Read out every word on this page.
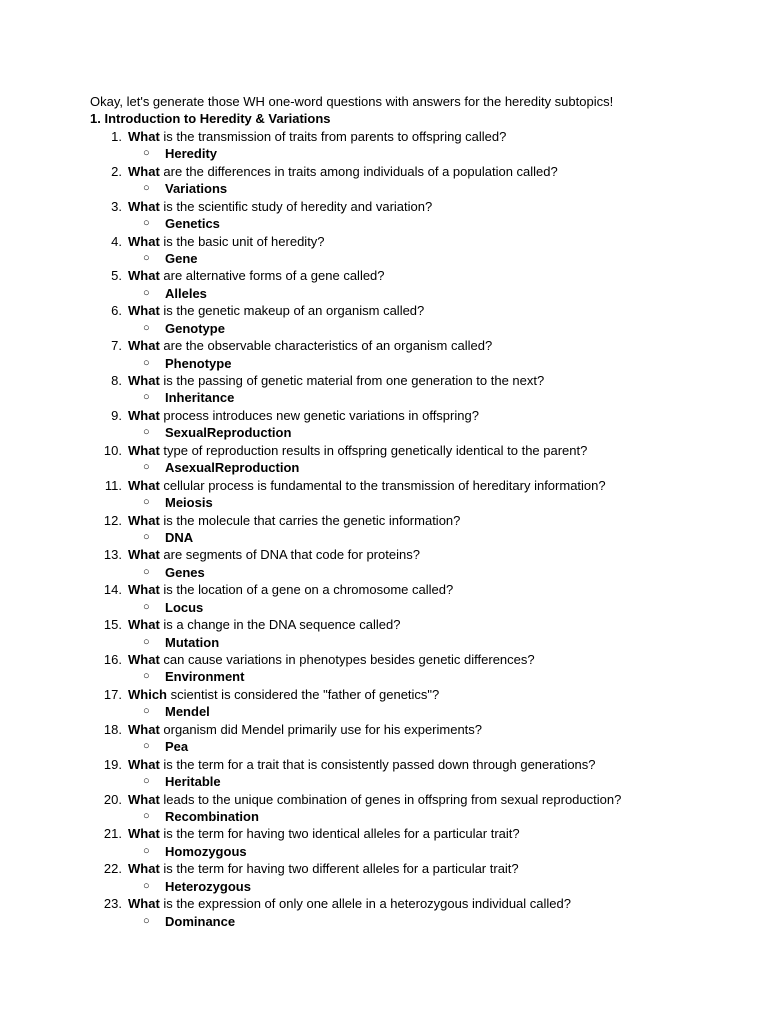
Okay, let's generate those WH one-word questions with answers for the heredity subtopics!
1. Introduction to Heredity & Variations
1. What is the transmission of traits from parents to offspring called?
○ Heredity
2. What are the differences in traits among individuals of a population called?
○ Variations
3. What is the scientific study of heredity and variation?
○ Genetics
4. What is the basic unit of heredity?
○ Gene
5. What are alternative forms of a gene called?
○ Alleles
6. What is the genetic makeup of an organism called?
○ Genotype
7. What are the observable characteristics of an organism called?
○ Phenotype
8. What is the passing of genetic material from one generation to the next?
○ Inheritance
9. What process introduces new genetic variations in offspring?
○ SexualReproduction
10. What type of reproduction results in offspring genetically identical to the parent?
○ AsexualReproduction
11. What cellular process is fundamental to the transmission of hereditary information?
○ Meiosis
12. What is the molecule that carries the genetic information?
○ DNA
13. What are segments of DNA that code for proteins?
○ Genes
14. What is the location of a gene on a chromosome called?
○ Locus
15. What is a change in the DNA sequence called?
○ Mutation
16. What can cause variations in phenotypes besides genetic differences?
○ Environment
17. Which scientist is considered the "father of genetics"?
○ Mendel
18. What organism did Mendel primarily use for his experiments?
○ Pea
19. What is the term for a trait that is consistently passed down through generations?
○ Heritable
20. What leads to the unique combination of genes in offspring from sexual reproduction?
○ Recombination
21. What is the term for having two identical alleles for a particular trait?
○ Homozygous
22. What is the term for having two different alleles for a particular trait?
○ Heterozygous
23. What is the expression of only one allele in a heterozygous individual called?
○ Dominance
